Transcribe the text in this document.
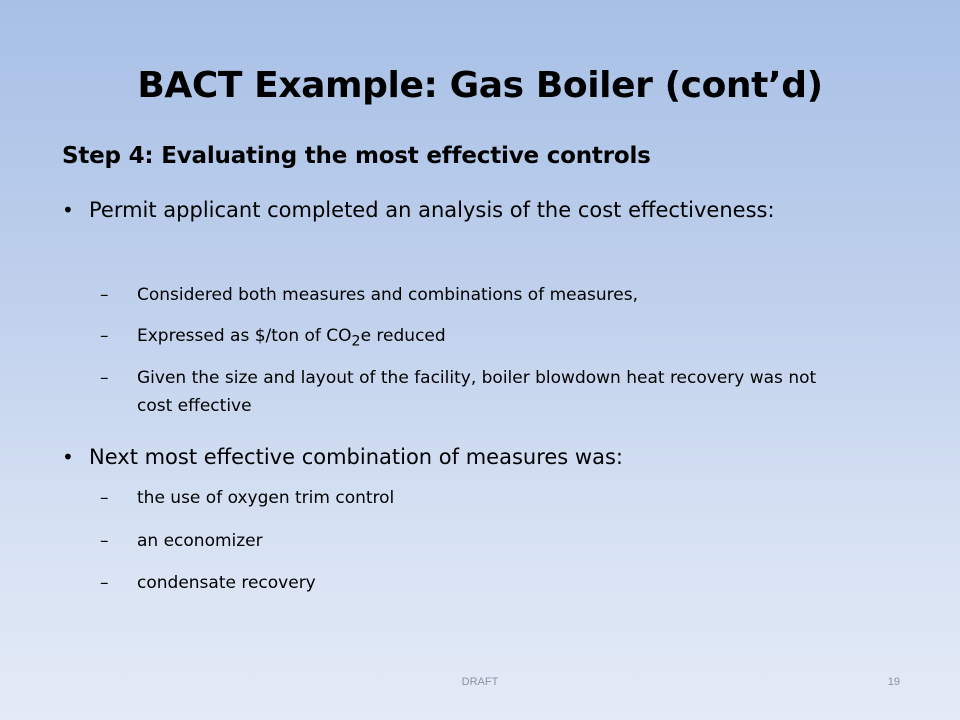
BACT Example: Gas Boiler (cont’d)
Step 4: Evaluating the most effective controls
• Permit applicant completed an analysis of the cost effectiveness:
– Considered both measures and combinations of measures,
– Expressed as $/ton of $CO_2e$ reduced
– Given the size and layout of the facility, boiler blowdown heat recovery was not cost effective
• Next most effective combination of measures was:
– the use of oxygen trim control
– an economizer
– condensate recovery
DRAFT	19
